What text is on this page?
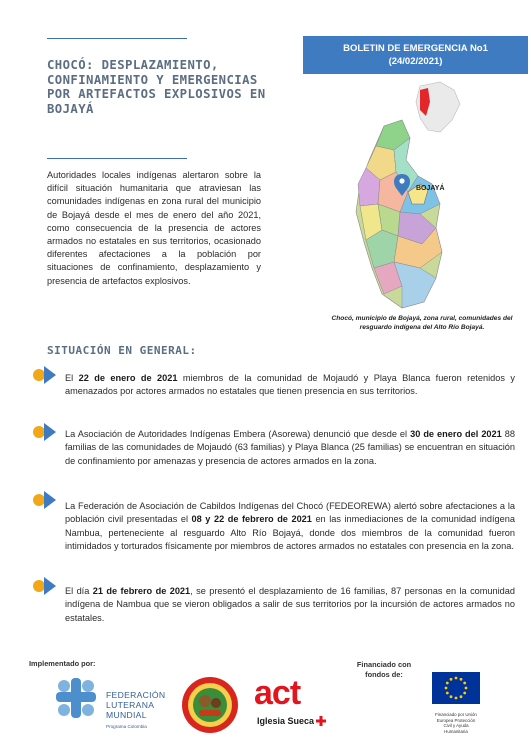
CHOCÓ: DESPLAZAMIENTO, CONFINAMIENTO Y EMERGENCIAS POR ARTEFACTOS EXPLOSIVOS EN BOJAYÁ
Autoridades locales indígenas alertaron sobre la difícil situación humanitaria que atraviesan las comunidades indígenas en zona rural del municipio de Bojayá desde el mes de enero del año 2021, como consecuencia de la presencia de actores armados no estatales en sus territorios, ocasionado diferentes afectaciones a la población por situaciones de confinamiento, desplazamiento y presencia de artefactos explosivos.
BOLETIN DE EMERGENCIA No1
(24/02/2021)
BOJAYÁ
Chocó, municipio de Bojayá, zona rural, comunidades del resguardo indígena del Alto Río Bojayá.
SITUACIÓN EN GENERAL:
El 22 de enero de 2021 miembros de la comunidad de Mojaudó y Playa Blanca fueron retenidos y amenazados por actores armados no estatales que tienen presencia en sus territorios.
La Asociación de Autoridades Indígenas Embera (Asorewa) denunció que desde el 30 de enero del 2021 88 familias de las comunidades de Mojaudó (63 familias) y Playa Blanca (25 familias) se encuentran en situación de confinamiento por amenazas y presencia de actores armados en la zona.
La Federación de Asociación de Cabildos Indígenas del Chocó (FEDEOREWA) alertó sobre afectaciones a la población civil presentadas el 08 y 22 de febrero de 2021 en las inmediaciones de la comunidad indígena Nambua, perteneciente al resguardo Alto Río Bojayá, donde dos miembros de la comunidad fueron intimidados y torturados físicamente por miembros de actores armados no estatales con presencia en la zona.
El día 21 de febrero de 2021, se presentó el desplazamiento de 16 familias, 87 personas en la comunidad indígena de Nambua que se vieron obligados a salir de sus territorios por la incursión de actores armados no estatales.
Implementado por:	Financiado con fondos de:
FEDERACIÓN
LUTERANA
MUNDIAL
Programa Colombia
act
Iglesia Sueca
Financiado por Unión Europea Protección Civil y Ayuda Humanitaria
